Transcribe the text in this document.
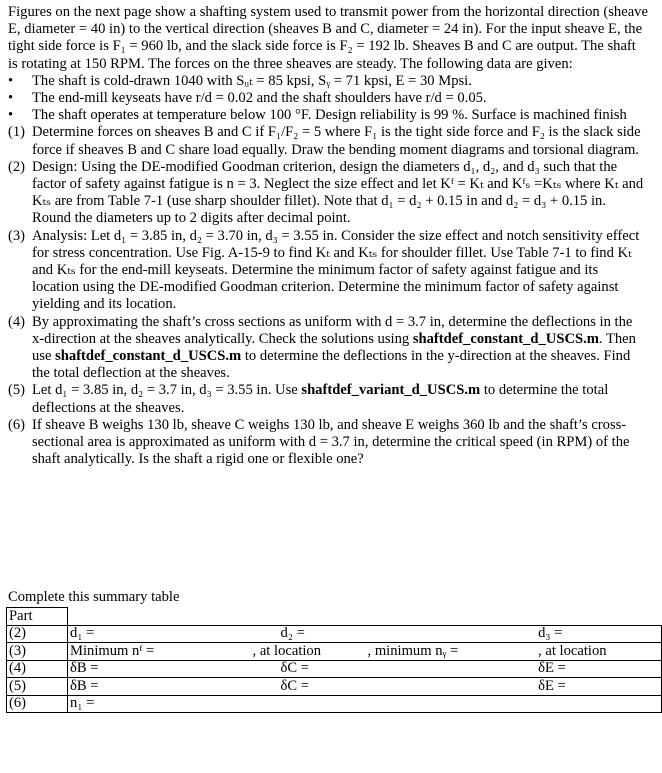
Figures on the next page show a shafting system used to transmit power from the horizontal direction (sheave E, diameter = 40 in) to the vertical direction (sheaves B and C, diameter = 24 in). For the input sheave E, the tight side force is F₁ = 960 lb, and the slack side force is F₂ = 192 lb. Sheaves B and C are output. The shaft is rotating at 150 RPM. The forces on the three sheaves are steady. The following data are given:

• The shaft is cold-drawn 1040 with Sᵤₜ = 85 kpsi, Sᵧ = 71 kpsi, E = 30 Mpsi.
• The end-mill keyseats have r/d = 0.02 and the shaft shoulders have r/d = 0.05.
• The shaft operates at temperature below 100 °F. Design reliability is 99 %. Surface is machined finish
(1) Determine forces on sheaves B and C if F₁/F₂ = 5 where F₁ is the tight side force and F₂ is the slack side force if sheaves B and C share load equally. Draw the bending moment diagrams and torsional diagram.
(2) Design: Using the DE-modified Goodman criterion, design the diameters d₁, d₂, and d₃ such that the factor of safety against fatigue is n = 3. Neglect the size effect and let Kᶠ = Kₜ and Kᶠₛ =Kₜₛ where Kₜ and Kₜₛ are from Table 7-1 (use sharp shoulder fillet). Note that d₁ = d₂ + 0.15 in and d₂ = d₃ + 0.15 in. Round the diameters up to 2 digits after decimal point.
(3) Analysis: Let d₁ = 3.85 in, d₂ = 3.70 in, d₃ = 3.55 in. Consider the size effect and notch sensitivity effect for stress concentration. Use Fig. A-15-9 to find Kₜ and Kₜₛ for shoulder fillet. Use Table 7-1 to find Kₜ and Kₜₛ for the end-mill keyseats. Determine the minimum factor of safety against fatigue and its location using the DE-modified Goodman criterion. Determine the minimum factor of safety against yielding and its location.
(4) By approximating the shaft’s cross sections as uniform with d = 3.7 in, determine the deflections in the x-direction at the sheaves analytically. Check the solutions using shaftdef_constant_d_USCS.m. Then use shaftdef_constant_d_USCS.m to determine the deflections in the y-direction at the sheaves. Find the total deflection at the sheaves.
(5) Let d₁ = 3.85 in, d₂ = 3.7 in, d₃ = 3.55 in. Use shaftdef_variant_d_USCS.m to determine the total deflections at the sheaves.
(6) If sheave B weighs 130 lb, sheave C weighs 130 lb, and sheave E weighs 360 lb and the shaft’s cross-sectional area is approximated as uniform with d = 3.7 in, determine the critical speed (in RPM) of the shaft analytically. Is the shaft a rigid one or flexible one?
Complete this summary table
Part			
(2)	d₁ =	d₂ =	d₃ =
(3)	Minimum nᶠ =	, at location , minimum nᵧ =	, at location
(4)	δB =	δC =	δE =
(5)	δB =	δC =	δE =
(6)	n₁ =		
